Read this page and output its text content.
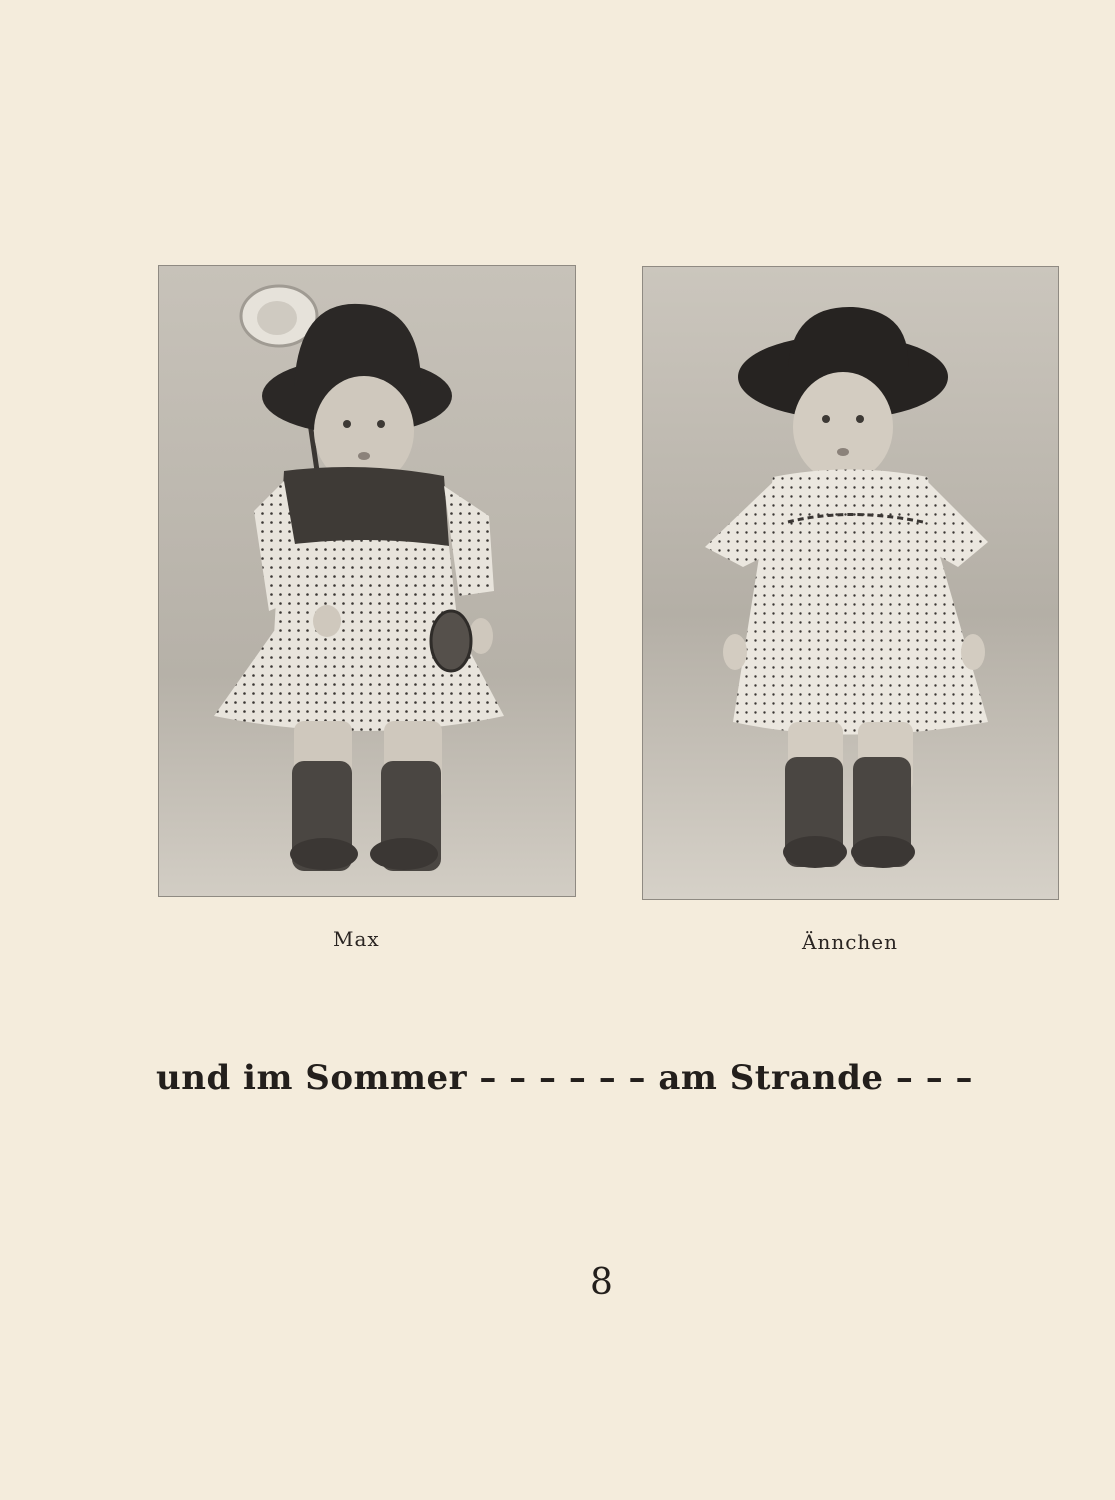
Max	Ännchen
und im Sommer – – – – – – am Strande – – –
8
